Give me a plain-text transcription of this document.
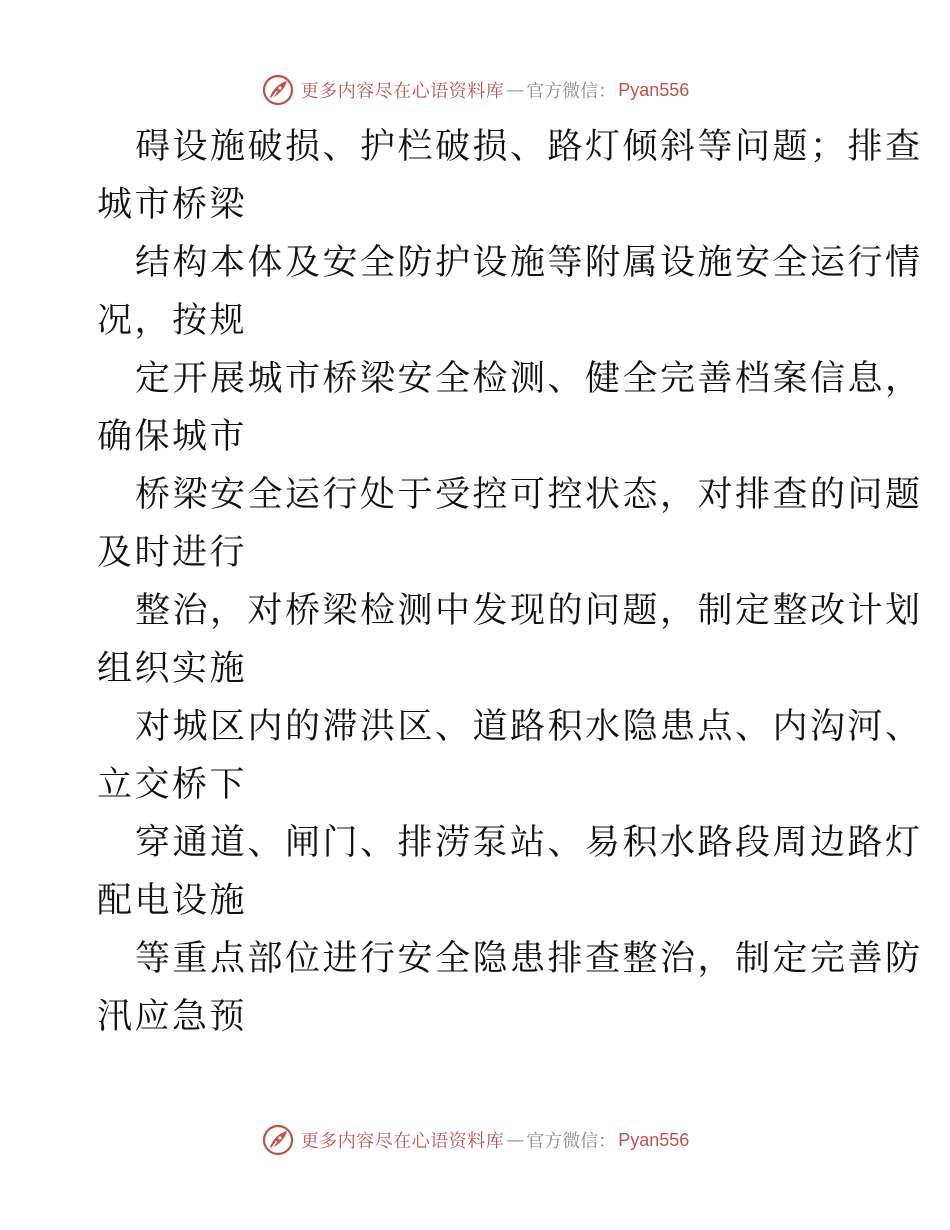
更多内容尽在心语资料库 — 官方微信： Pyan556

碍设施破损、护栏破损、路灯倾斜等问题；排查
城市桥梁

结构本体及安全防护设施等附属设施安全运行情
况，按规

定开展城市桥梁安全检测、健全完善档案信息，
确保城市

桥梁安全运行处于受控可控状态，对排查的问题
及时进行

整治，对桥梁检测中发现的问题，制定整改计划
组织实施

对城区内的滞洪区、道路积水隐患点、内沟河、
立交桥下

穿通道、闸门、排涝泵站、易积水路段周边路灯
配电设施

等重点部位进行安全隐患排查整治，制定完善防
汛应急预

更多内容尽在心语资料库 — 官方微信： Pyan556
